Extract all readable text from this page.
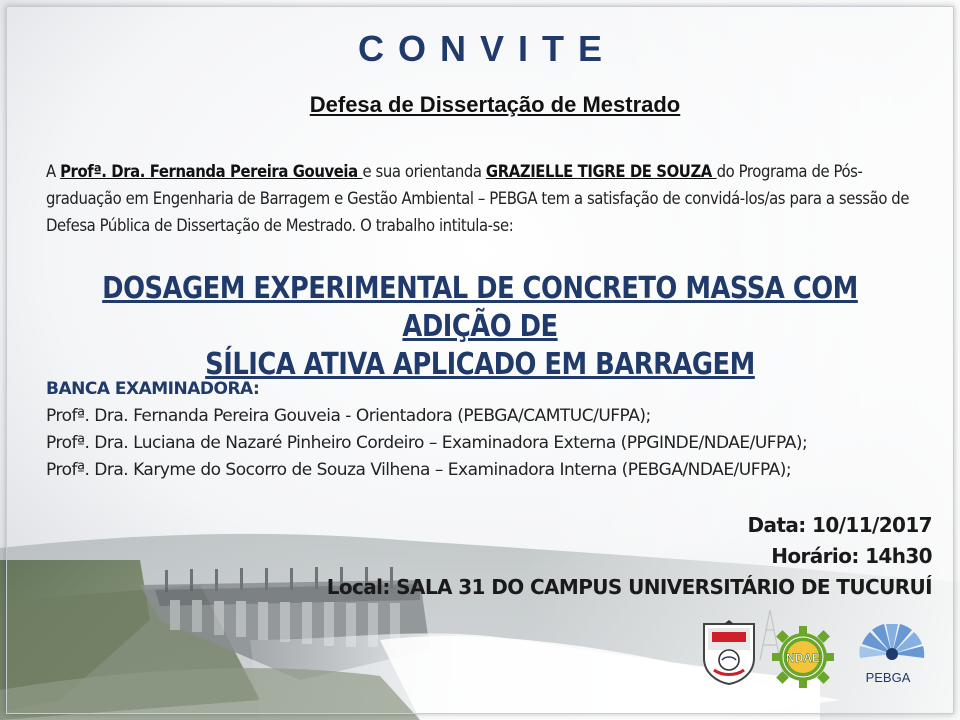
CONVITE
Defesa de Dissertação de Mestrado
A Profª. Dra. Fernanda Pereira Gouveia e sua orientanda GRAZIELLE TIGRE DE SOUZA do Programa de Pós-graduação em Engenharia de Barragem e Gestão Ambiental – PEBGA tem a satisfação de convidá-los/as para a sessão de Defesa Pública de Dissertação de Mestrado. O trabalho intitula-se:
DOSAGEM EXPERIMENTAL DE CONCRETO MASSA COM ADIÇÃO DE
SÍLICA ATIVA APLICADO EM BARRAGEM
BANCA EXAMINADORA:
Profª. Dra. Fernanda Pereira Gouveia - Orientadora (PEBGA/CAMTUC/UFPA);
Profª. Dra. Luciana de Nazaré Pinheiro Cordeiro – Examinadora Externa (PPGINDE/NDAE/UFPA);
Profª. Dra. Karyme do Socorro de Souza Vilhena – Examinadora Interna (PEBGA/NDAE/UFPA);
Data: 10/11/2017
Horário: 14h30
Local: SALA 31 DO CAMPUS UNIVERSITÁRIO DE TUCURUÍ
NDAE
PEBGA
